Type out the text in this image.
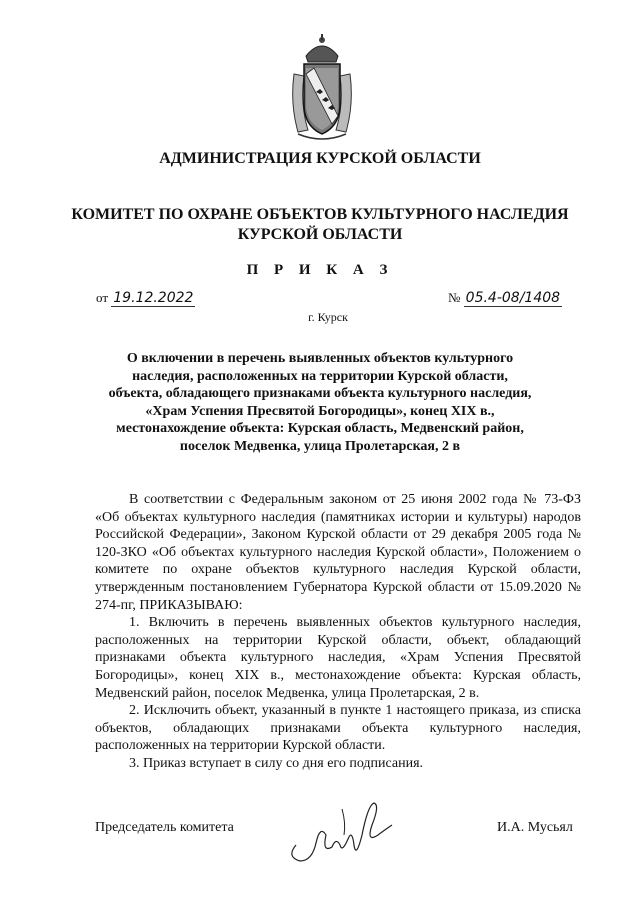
АДМИНИСТРАЦИЯ КУРСКОЙ ОБЛАСТИ
КОМИТЕТ ПО ОХРАНЕ ОБЪЕКТОВ КУЛЬТУРНОГО НАСЛЕДИЯ
КУРСКОЙ ОБЛАСТИ
П Р И К А З
от 19.12.2022	№ 05.4-08/1408
г. Курск
О включении в перечень выявленных объектов культурного
наследия, расположенных на территории Курской области,
объекта, обладающего признаками объекта культурного наследия,
«Храм Успения Пресвятой Богородицы», конец XIX в.,
местонахождение объекта: Курская область, Медвенский район,
поселок Медвенка, улица Пролетарская, 2 в

В соответствии с Федеральным законом от 25 июня 2002 года № 73-ФЗ «Об объектах культурного наследия (памятниках истории и культуры) народов Российской Федерации», Законом Курской области от 29 декабря 2005 года № 120-ЗКО «Об объектах культурного наследия Курской области», Положением о комитете по охране объектов культурного наследия Курской области, утвержденным постановлением Губернатора Курской области от 15.09.2020 № 274-пг, ПРИКАЗЫВАЮ:

1. Включить в перечень выявленных объектов культурного наследия, расположенных на территории Курской области, объект, обладающий признаками объекта культурного наследия, «Храм Успения Пресвятой Богородицы», конец XIX в., местонахождение объекта: Курская область, Медвенский район, поселок Медвенка, улица Пролетарская, 2 в.

2. Исключить объект, указанный в пункте 1 настоящего приказа, из списка объектов, обладающих признаками объекта культурного наследия, расположенных на территории Курской области.

3. Приказ вступает в силу со дня его подписания.

Председатель комитета	И.А. Мусьял
